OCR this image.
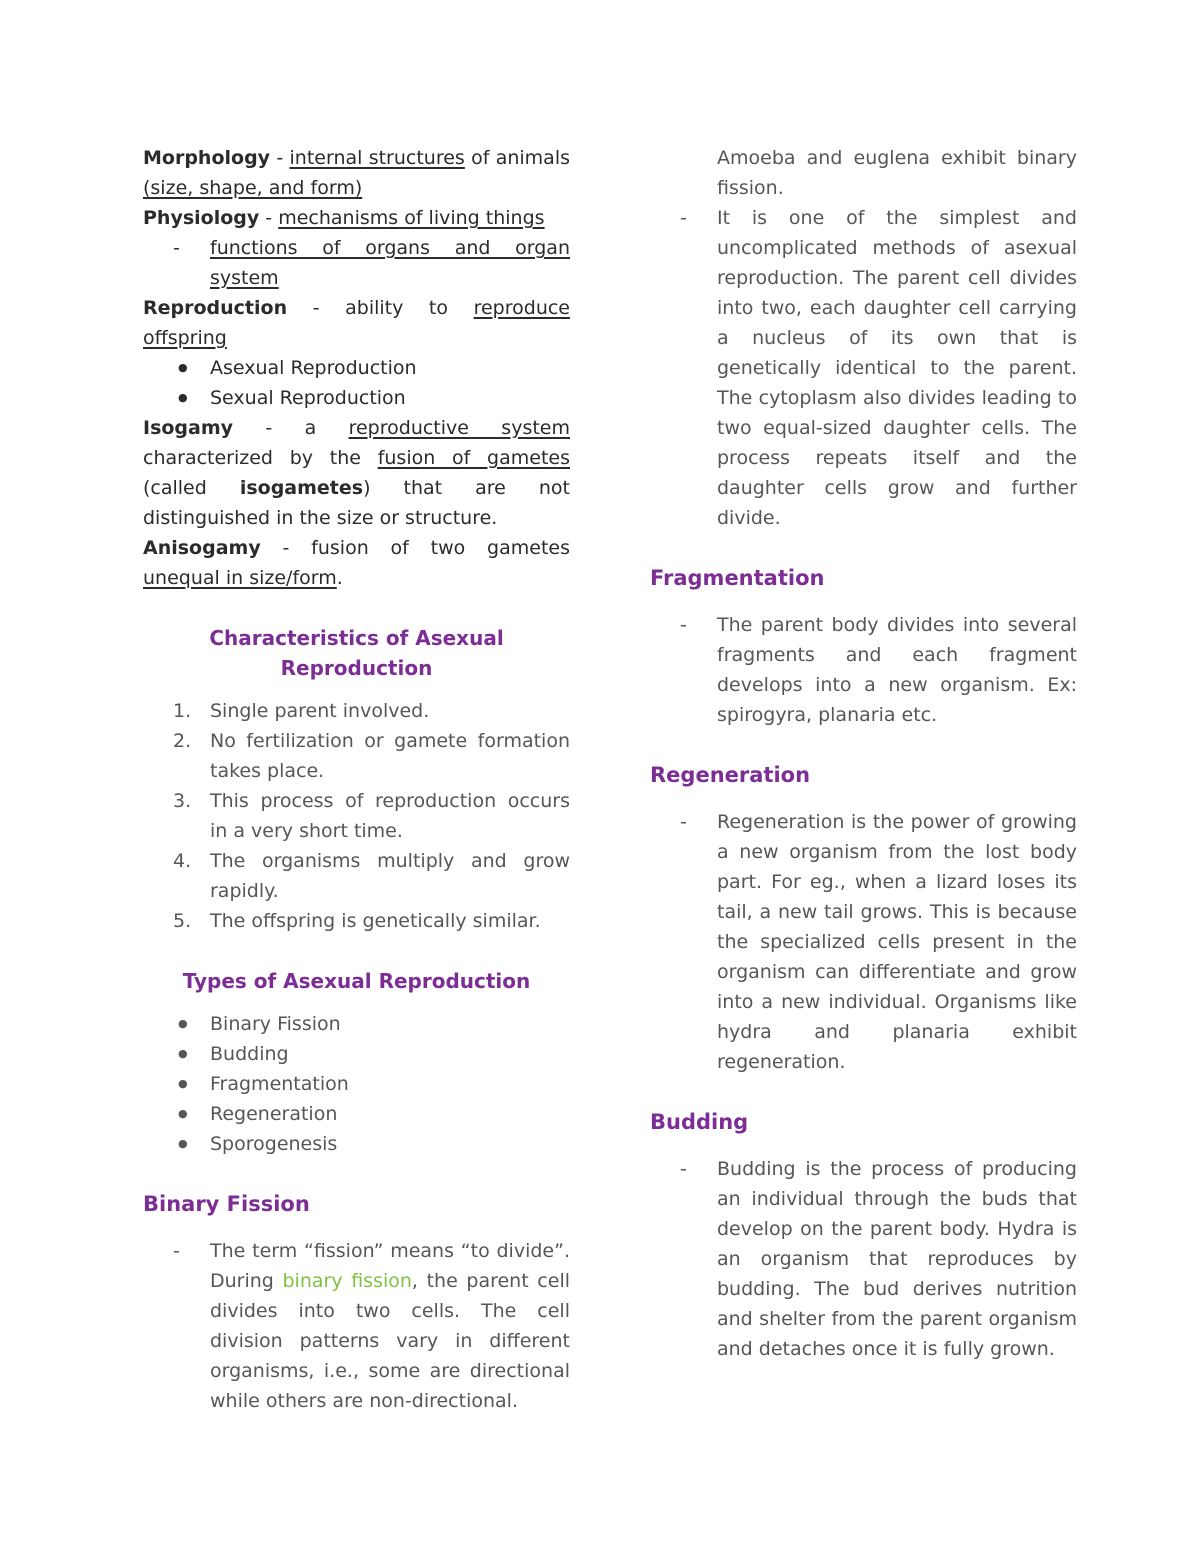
Morphology - internal structures of animals (size, shape, and form)

Physiology - mechanisms of living things

-	functions of organs and organ system

Reproduction - ability to reproduce offspring

●	Asexual Reproduction
●	Sexual Reproduction

Isogamy - a reproductive system characterized by the fusion of gametes (called isogametes) that are not distinguished in the size or structure.

Anisogamy - fusion of two gametes unequal in size/form.

Characteristics of Asexual Reproduction
1. Single parent involved.
2. No fertilization or gamete formation takes place.
3. This process of reproduction occurs in a very short time.
4. The organisms multiply and grow rapidly.
5. The offspring is genetically similar.
Types of Asexual Reproduction
●	Binary Fission
●	Budding
●	Fragmentation
●	Regeneration
●	Sporogenesis
Binary Fission
-	The term “fission” means “to divide”. During binary fission, the parent cell divides into two cells. The cell division patterns vary in different organisms, i.e., some are directional while others are non-directional.

Amoeba and euglena exhibit binary fission.

-	It is one of the simplest and uncomplicated methods of asexual reproduction. The parent cell divides into two, each daughter cell carrying a nucleus of its own that is genetically identical to the parent. The cytoplasm also divides leading to two equal-sized daughter cells. The process repeats itself and the daughter cells grow and further divide.
Fragmentation
-	The parent body divides into several fragments and each fragment develops into a new organism. Ex: spirogyra, planaria etc.
Regeneration
-	Regeneration is the power of growing a new organism from the lost body part. For eg., when a lizard loses its tail, a new tail grows. This is because the specialized cells present in the organism can differentiate and grow into a new individual. Organisms like hydra and planaria exhibit regeneration.
Budding
-	Budding is the process of producing an individual through the buds that develop on the parent body. Hydra is an organism that reproduces by budding. The bud derives nutrition and shelter from the parent organism and detaches once it is fully grown.
